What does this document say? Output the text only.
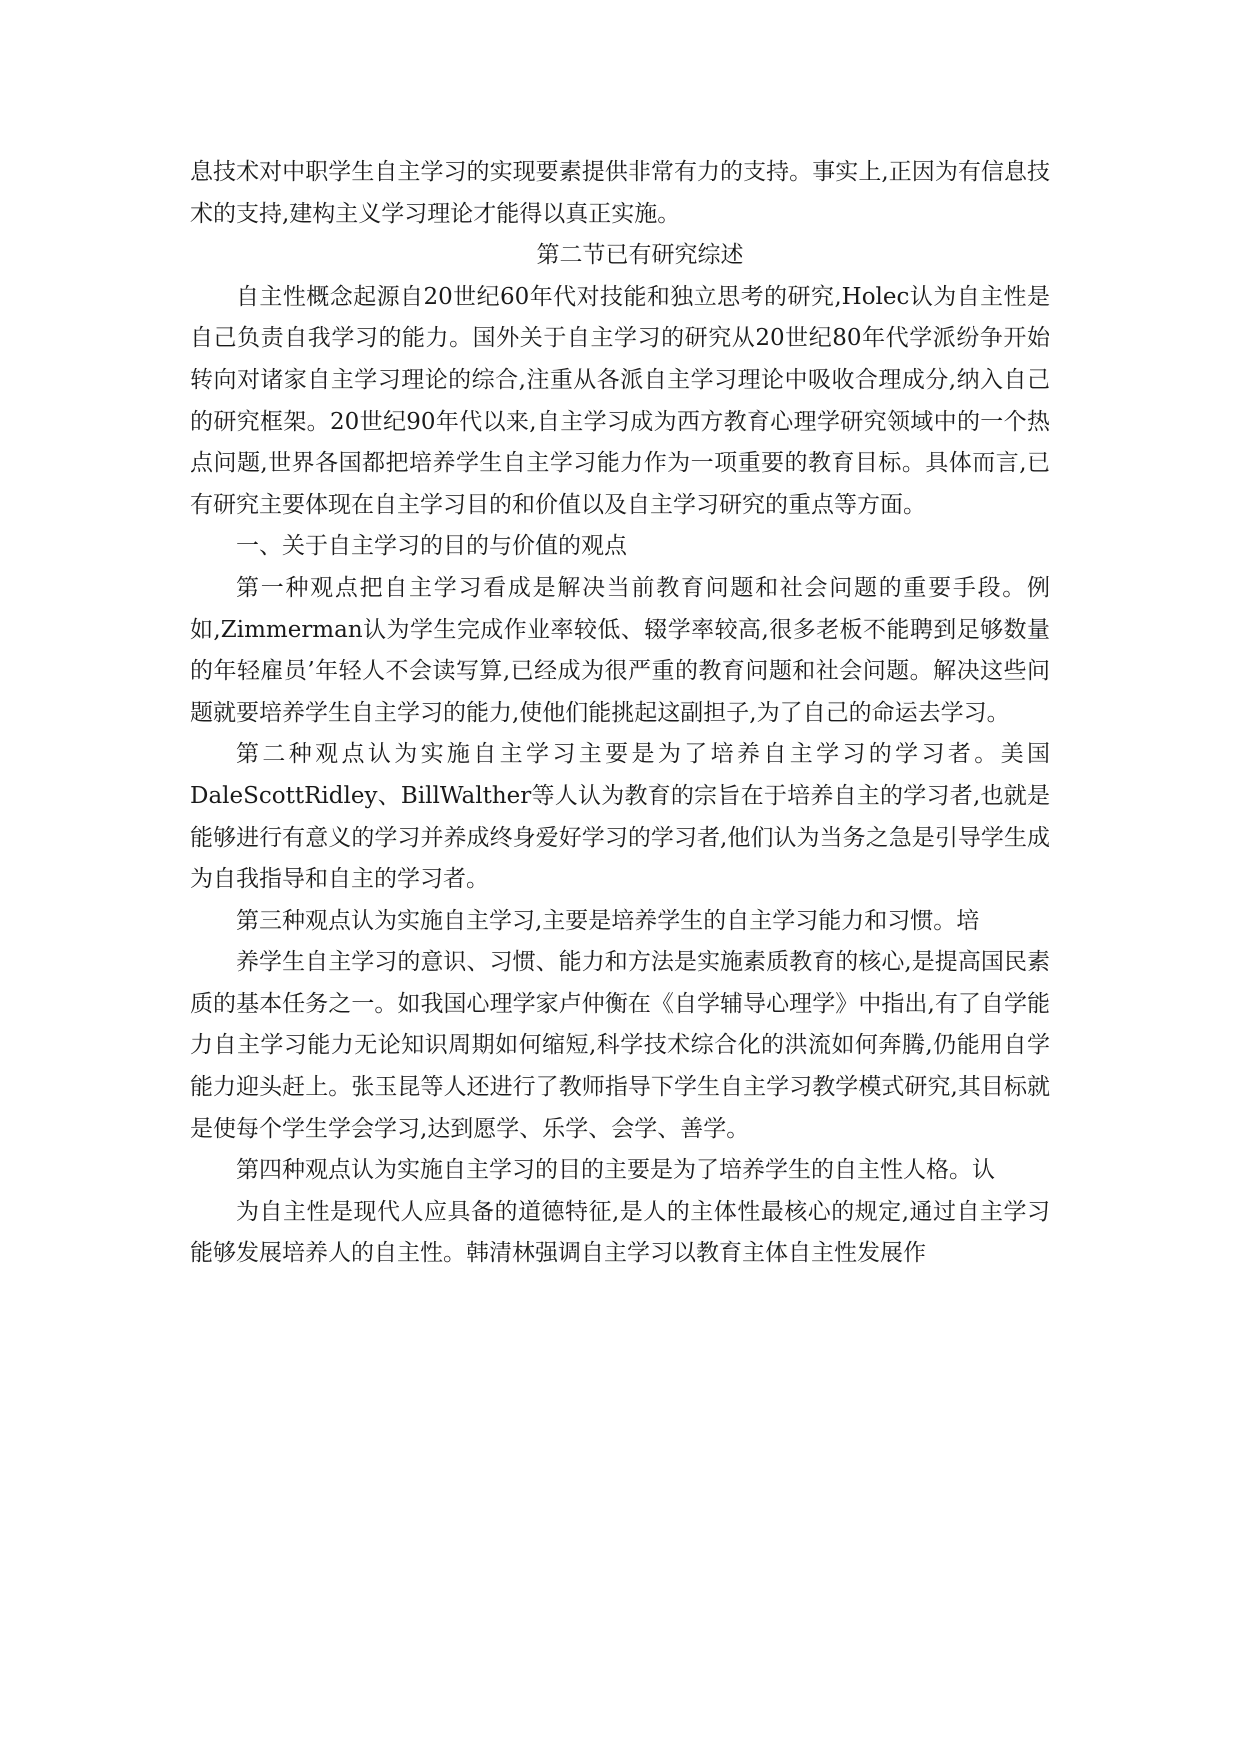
息技术对中职学生自主学习的实现要素提供非常有力的支持。事实上,正因为有信息技术的支持,建构主义学习理论才能得以真正实施。

第二节已有研究综述

自主性概念起源自20世纪60年代对技能和独立思考的研究,Holec认为自主性是自己负责自我学习的能力。国外关于自主学习的研究从20世纪80年代学派纷争开始转向对诸家自主学习理论的综合,注重从各派自主学习理论中吸收合理成分,纳入自己的研究框架。20世纪90年代以来,自主学习成为西方教育心理学研究领域中的一个热点问题,世界各国都把培养学生自主学习能力作为一项重要的教育目标。具体而言,已有研究主要体现在自主学习目的和价值以及自主学习研究的重点等方面。

一、关于自主学习的目的与价值的观点

第一种观点把自主学习看成是解决当前教育问题和社会问题的重要手段。例如,Zimmerman认为学生完成作业率较低、辍学率较高,很多老板不能聘到足够数量的年轻雇员’年轻人不会读写算,已经成为很严重的教育问题和社会问题。解决这些问题就要培养学生自主学习的能力,使他们能挑起这副担子,为了自己的命运去学习。

第二种观点认为实施自主学习主要是为了培养自主学习的学习者。美国DaleScottRidley、BillWalther等人认为教育的宗旨在于培养自主的学习者,也就是能够进行有意义的学习并养成终身爱好学习的学习者,他们认为当务之急是引导学生成为自我指导和自主的学习者。

第三种观点认为实施自主学习,主要是培养学生的自主学习能力和习惯。培

养学生自主学习的意识、习惯、能力和方法是实施素质教育的核心,是提高国民素质的基本任务之一。如我国心理学家卢仲衡在《自学辅导心理学》中指出,有了自学能力自主学习能力无论知识周期如何缩短,科学技术综合化的洪流如何奔腾,仍能用自学能力迎头赶上。张玉昆等人还进行了教师指导下学生自主学习教学模式研究,其目标就是使每个学生学会学习,达到愿学、乐学、会学、善学。

第四种观点认为实施自主学习的目的主要是为了培养学生的自主性人格。认

为自主性是现代人应具备的道德特征,是人的主体性最核心的规定,通过自主学习能够发展培养人的自主性。韩清林强调自主学习以教育主体自主性发展作
